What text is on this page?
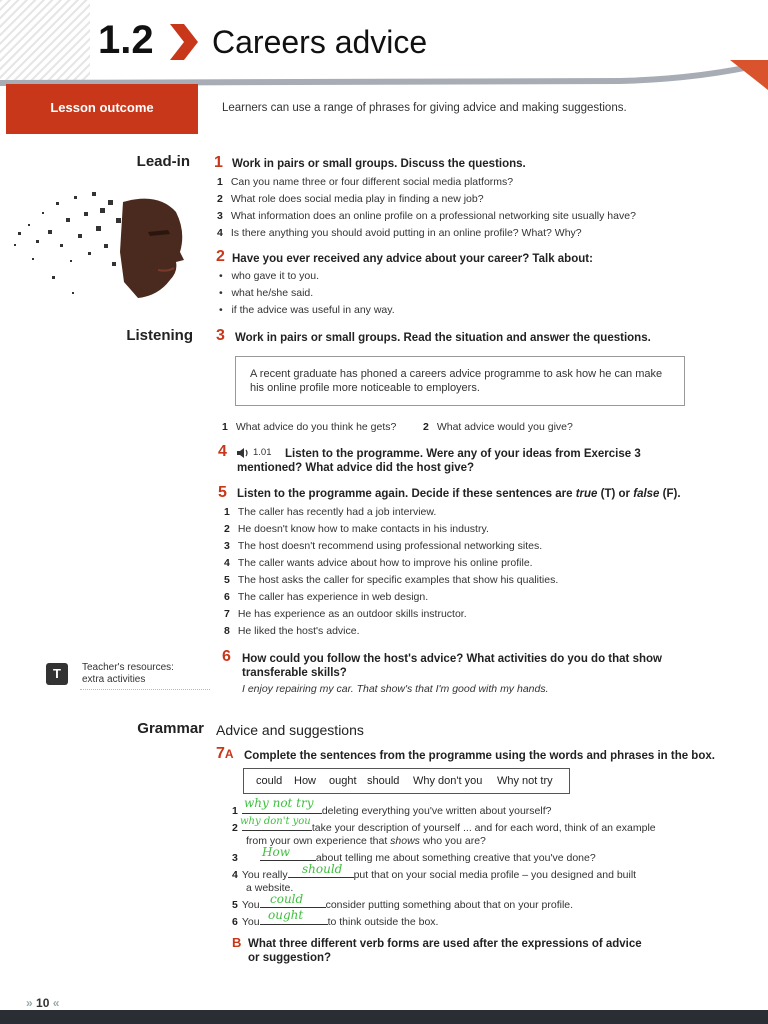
1.2 Careers advice
Lesson outcome	Learners can use a range of phrases for giving advice and making suggestions.
Lead-in 1 Work in pairs or small groups. Discuss the questions.
1 Can you name three or four different social media platforms?
2 What role does social media play in finding a new job?
3 What information does an online profile on a professional networking site usually have?
4 Is there anything you should avoid putting in an online profile? What? Why?
2 Have you ever received any advice about your career? Talk about:
•   who gave it to you.
•   what he/she said.
•   if the advice was useful in any way.
Listening 3 Work in pairs or small groups. Read the situation and answer the questions.
A recent graduate has phoned a careers advice programme to ask how he can make his online profile more noticeable to employers.
1 What advice do you think he gets?	2 What advice would you give?
4	1.01	Listen to the programme. Were any of your ideas from Exercise 3 mentioned? What advice did the host give?
5 Listen to the programme again. Decide if these sentences are true (T) or false (F).
1 The caller has recently had a job interview.
2 He doesn't know how to make contacts in his industry.
3 The host doesn't recommend using professional networking sites.
4 The caller wants advice about how to improve his online profile.
5 The host asks the caller for specific examples that show his qualities.
6 The caller has experience in web design.
7 He has experience as an outdoor skills instructor.
8 He liked the host's advice.
6 How could you follow the host's advice? What activities do you do that show transferable skills?
I enjoy repairing my car. That show's that I'm good with my hands.
T	Teacher's resources:
extra activities
Grammar Advice and suggestions
7A Complete the sentences from the programme using the words and phrases in the box.
could How ought should Why don't you Why not try
1	deleting everything you've written about yourself?
why not try
2	take your description of yourself ... and for each word, think of an example
why don't you
from your own experience that shows who you are?
3	about telling me about something creative that you've done?
How
4 You really	put that on your social media profile – you designed and built
should
a website.
5 You	consider putting something about that on your profile.
could
6 You	to think outside the box.
ought
B What three different verb forms are used after the expressions of advice or suggestion?
» 10 «
